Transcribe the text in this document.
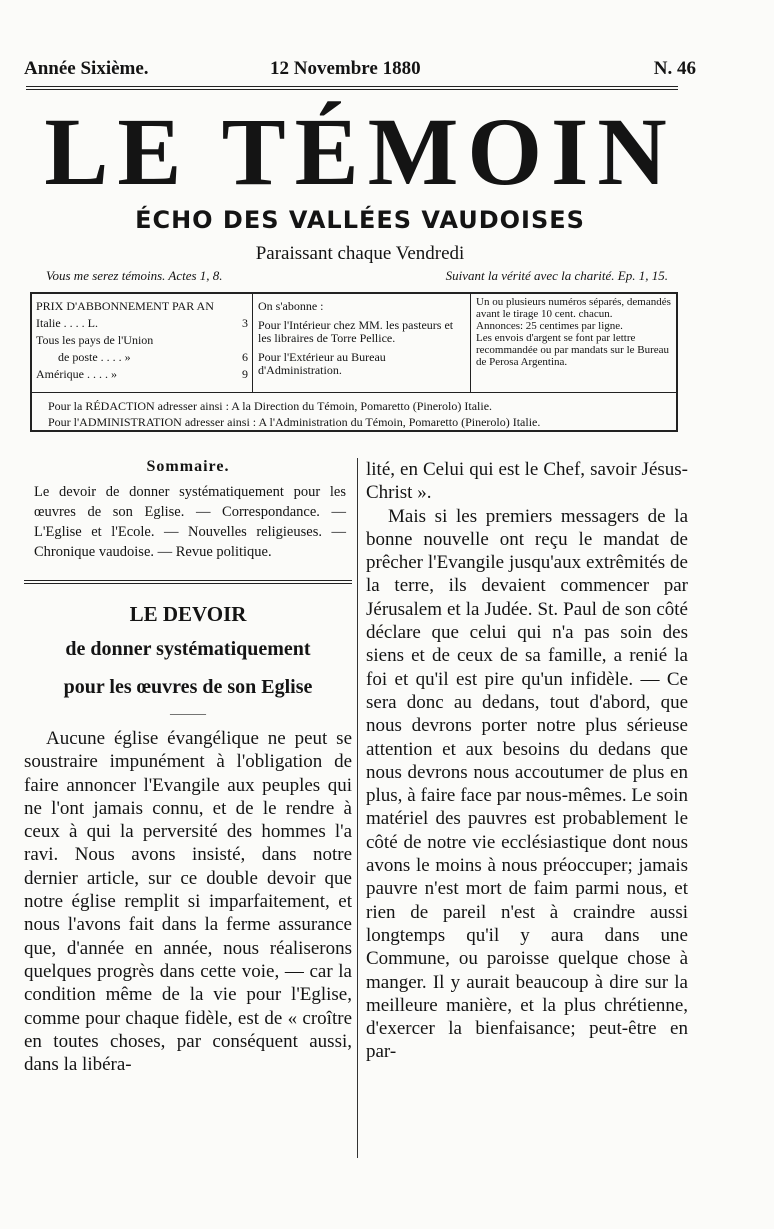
Année Sixième.	12 Novembre 1880	N. 46
LE TÉMOIN
ÉCHO DES VALLÉES VAUDOISES
Paraissant chaque Vendredi
Vous me serez témoins. Actes 1, 8.	Suivant la vérité avec la charité. Ep. 1, 15.
PRIX D'ABBONNEMENT PAR AN
Italie . . . . L.	3
Tous les pays de l'Union
de poste . . . . »	6
Amérique . . . . »	9
On s'abonne :
Pour l'Intérieur chez MM. les pasteurs et les libraires de Torre Pellice.
Pour l'Extérieur au Bureau d'Administration.
Un ou plusieurs numéros séparés, demandés avant le tirage 10 cent. chacun.
Annonces: 25 centimes par ligne.
Les envois d'argent se font par lettre recommandée ou par mandats sur le Bureau de Perosa Argentina.
Pour la RÉDACTION adresser ainsi : A la Direction du Témoin, Pomaretto (Pinerolo) Italie.
Pour l'ADMINISTRATION adresser ainsi : A l'Administration du Témoin, Pomaretto (Pinerolo) Italie.
Sommaire.
Le devoir de donner systématiquement pour les œuvres de son Eglise. — Correspondance. — L'Eglise et l'Ecole. — Nouvelles religieuses. — Chronique vaudoise. — Revue politique.
LE DEVOIR
de donner systématiquement
pour les œuvres de son Eglise
———

Aucune église évangélique ne peut se soustraire impunément à l'obligation de faire annoncer l'Evangile aux peuples qui ne l'ont jamais connu, et de le rendre à ceux à qui la perversité des hommes l'a ravi. Nous avons insisté, dans notre dernier article, sur ce double devoir que notre église remplit si imparfaitement, et nous l'avons fait dans la ferme assurance que, d'année en année, nous réaliserons quelques progrès dans cette voie, — car la condition même de la vie pour l'Eglise, comme pour chaque fidèle, est de « croître en toutes choses, par conséquent aussi, dans la libéra-

lité, en Celui qui est le Chef, savoir Jésus-Christ ».

Mais si les premiers messagers de la bonne nouvelle ont reçu le mandat de prêcher l'Evangile jusqu'aux extrêmités de la terre, ils devaient commencer par Jérusalem et la Judée. St. Paul de son côté déclare que celui qui n'a pas soin des siens et de ceux de sa famille, a renié la foi et qu'il est pire qu'un infidèle. — Ce sera donc au dedans, tout d'abord, que nous devrons porter notre plus sérieuse attention et aux besoins du dedans que nous devrons nous accoutumer de plus en plus, à faire face par nous-mêmes. Le soin matériel des pauvres est probablement le côté de notre vie ecclésiastique dont nous avons le moins à nous préoccuper; jamais pauvre n'est mort de faim parmi nous, et rien de pareil n'est à craindre aussi longtemps qu'il y aura dans une Commune, ou paroisse quelque chose à manger. Il y aurait beaucoup à dire sur la meilleure manière, et la plus chrétienne, d'exercer la bienfaisance; peut-être en par-
